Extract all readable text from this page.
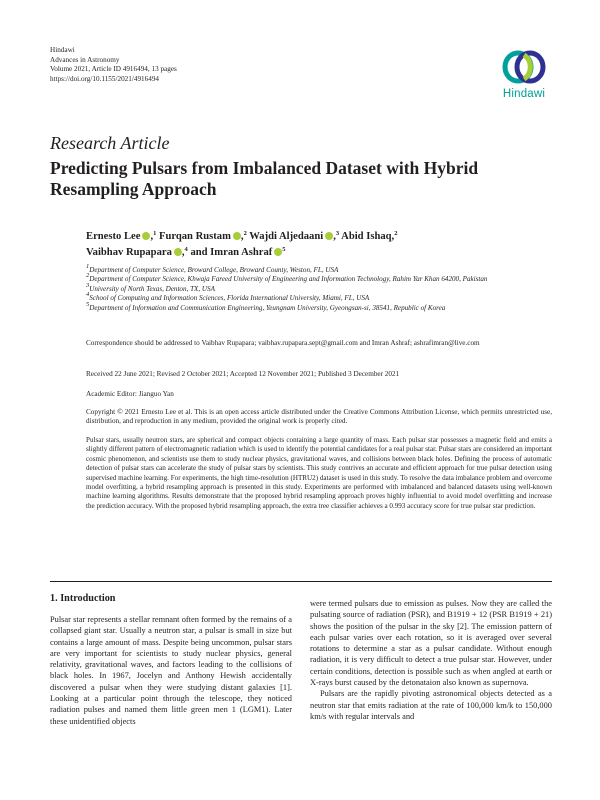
Hindawi
Advances in Astronomy
Volume 2021, Article ID 4916494, 13 pages
https://doi.org/10.1155/2021/4916494
Hindawi
Research Article
Predicting Pulsars from Imbalanced Dataset with Hybrid Resampling Approach
Ernesto Lee ,$^1$ Furqan Rustam ,$^2$ Wajdi Aljedaani ,$^3$ Abid Ishaq,$^2$
Vaibhav Rupapara ,$^4$ and Imran Ashraf $^5$
$^1$Department of Computer Science, Broward College, Broward County, Weston, FL, USA
$^2$Department of Computer Science, Khwaja Fareed University of Engineering and Information Technology, Rahim Yar Khan 64200, Pakistan
$^3$University of North Texas, Denton, TX, USA
$^4$School of Computing and Information Sciences, Florida International University, Miami, FL, USA
$^5$Department of Information and Communication Engineering, Yeungnam University, Gyeongsan-si, 38541, Republic of Korea
Correspondence should be addressed to Vaibhav Rupapara; vaibhav.rupapara.sept@gmail.com and Imran Ashraf; ashrafimran@live.com
Received 22 June 2021; Revised 2 October 2021; Accepted 12 November 2021; Published 3 December 2021
Academic Editor: Jianguo Yan
Copyright © 2021 Ernesto Lee et al. This is an open access article distributed under the Creative Commons Attribution License, which permits unrestricted use, distribution, and reproduction in any medium, provided the original work is properly cited.
Pulsar stars, usually neutron stars, are spherical and compact objects containing a large quantity of mass. Each pulsar star possesses a magnetic field and emits a slightly different pattern of electromagnetic radiation which is used to identify the potential candidates for a real pulsar star. Pulsar stars are considered an important cosmic phenomenon, and scientists use them to study nuclear physics, gravitational waves, and collisions between black holes. Defining the process of automatic detection of pulsar stars can accelerate the study of pulsar stars by scientists. This study contrives an accurate and efficient approach for true pulsar detection using supervised machine learning. For experiments, the high time-resolution (HTRU2) dataset is used in this study. To resolve the data imbalance problem and overcome model overfitting, a hybrid resampling approach is presented in this study. Experiments are performed with imbalanced and balanced datasets using well-known machine learning algorithms. Results demonstrate that the proposed hybrid resampling approach proves highly influential to avoid model overfitting and increase the prediction accuracy. With the proposed hybrid resampling approach, the extra tree classifier achieves a 0.993 accuracy score for true pulsar star prediction.
1. Introduction

Pulsar star represents a stellar remnant often formed by the remains of a collapsed giant star. Usually a neutron star, a pulsar is small in size but contains a large amount of mass. Despite being uncommon, pulsar stars are very important for scientists to study nuclear physics, general relativity, gravitational waves, and factors leading to the collisions of black holes. In 1967, Jocelyn and Anthony Hewish accidentally discovered a pulsar when they were studying distant galaxies [1]. Looking at a particular point through the telescope, they noticed radiation pulses and named them little green men 1 (LGM1). Later these unidentified objects

were termed pulsars due to emission as pulses. Now they are called the pulsating source of radiation (PSR), and B1919 + 12 (PSR B1919 + 21) shows the position of the pulsar in the sky [2]. The emission pattern of each pulsar varies over each rotation, so it is averaged over several rotations to determine a star as a pulsar candidate. Without enough radiation, it is very difficult to detect a true pulsar star. However, under certain conditions, detection is possible such as when angled at earth or X-rays burst caused by the detonataion also known as supernova.

Pulsars are the rapidly pivoting astronomical objects detected as a neutron star that emits radiation at the rate of 100,000 km/k to 150,000 km/s with regular intervals and
